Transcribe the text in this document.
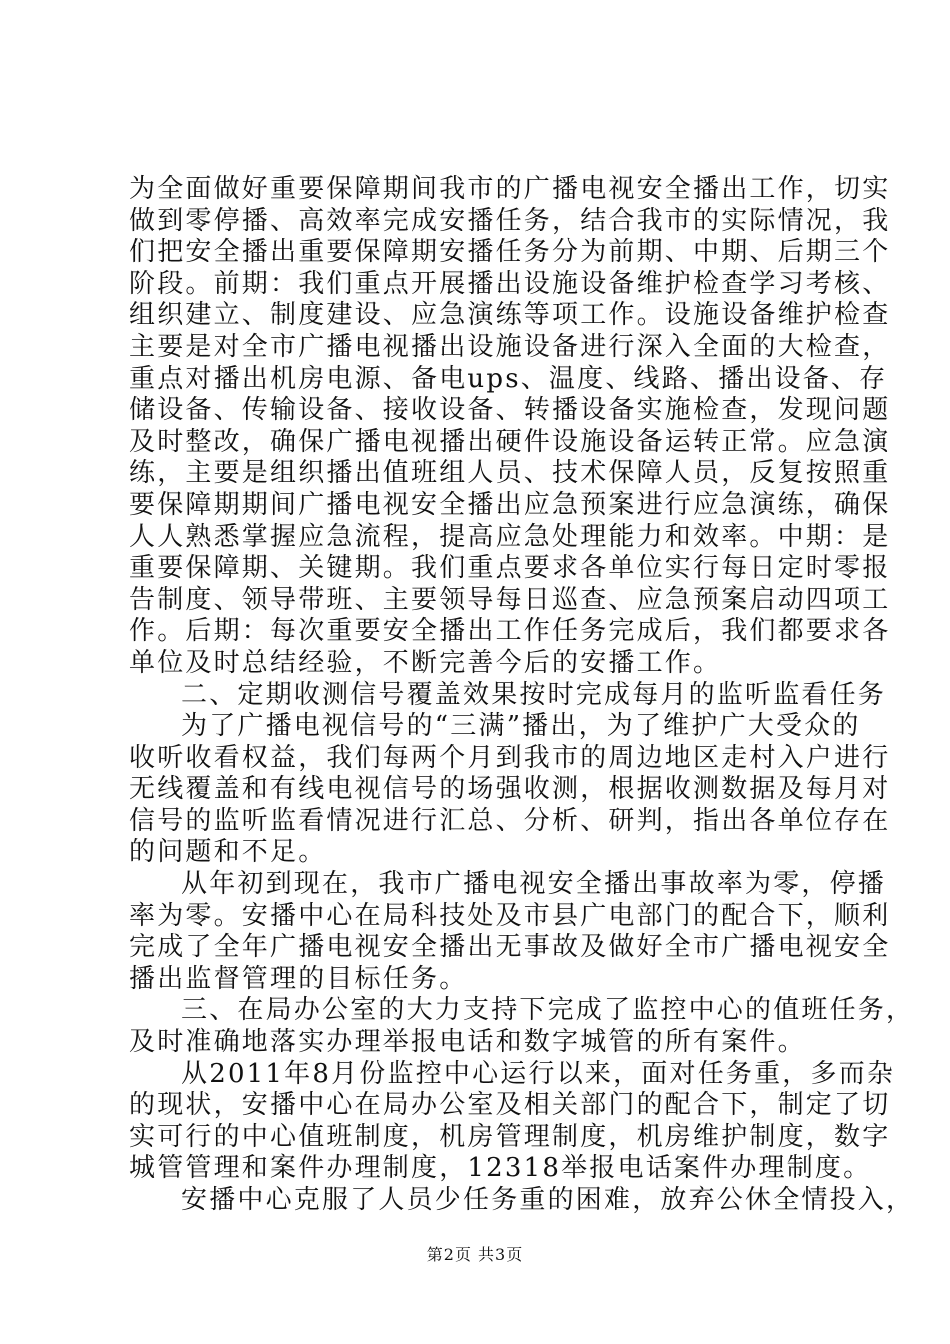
为全面做好重要保障期间我市的广播电视安全播出工作，切实
做到零停播、高效率完成安播任务，结合我市的实际情况，我
们把安全播出重要保障期安播任务分为前期、中期、后期三个
阶段。前期：我们重点开展播出设施设备维护检查学习考核、
组织建立、制度建设、应急演练等项工作。设施设备维护检查
主要是对全市广播电视播出设施设备进行深入全面的大检查，
重点对播出机房电源、备电ups、温度、线路、播出设备、存
储设备、传输设备、接收设备、转播设备实施检查，发现问题
及时整改，确保广播电视播出硬件设施设备运转正常。应急演
练，主要是组织播出值班组人员、技术保障人员，反复按照重
要保障期期间广播电视安全播出应急预案进行应急演练，确保
人人熟悉掌握应急流程，提高应急处理能力和效率。中期：是
重要保障期、关键期。我们重点要求各单位实行每日定时零报
告制度、领导带班、主要领导每日巡查、应急预案启动四项工
作。后期：每次重要安全播出工作任务完成后，我们都要求各
单位及时总结经验，不断完善今后的安播工作。
二、定期收测信号覆盖效果按时完成每月的监听监看任务
为了广播电视信号的“三满”播出，为了维护广大受众的
收听收看权益，我们每两个月到我市的周边地区走村入户进行
无线覆盖和有线电视信号的场强收测，根据收测数据及每月对
信号的监听监看情况进行汇总、分析、研判，指出各单位存在
的问题和不足。
从年初到现在，我市广播电视安全播出事故率为零，停播
率为零。安播中心在局科技处及市县广电部门的配合下，顺利
完成了全年广播电视安全播出无事故及做好全市广播电视安全
播出监督管理的目标任务。
三、在局办公室的大力支持下完成了监控中心的值班任务，
及时准确地落实办理举报电话和数字城管的所有案件。
从2011年8月份监控中心运行以来，面对任务重，多而杂
的现状，安播中心在局办公室及相关部门的配合下，制定了切
实可行的中心值班制度，机房管理制度，机房维护制度，数字
城管管理和案件办理制度，12318举报电话案件办理制度。
安播中心克服了人员少任务重的困难，放弃公休全情投入，
第2页 共3页
